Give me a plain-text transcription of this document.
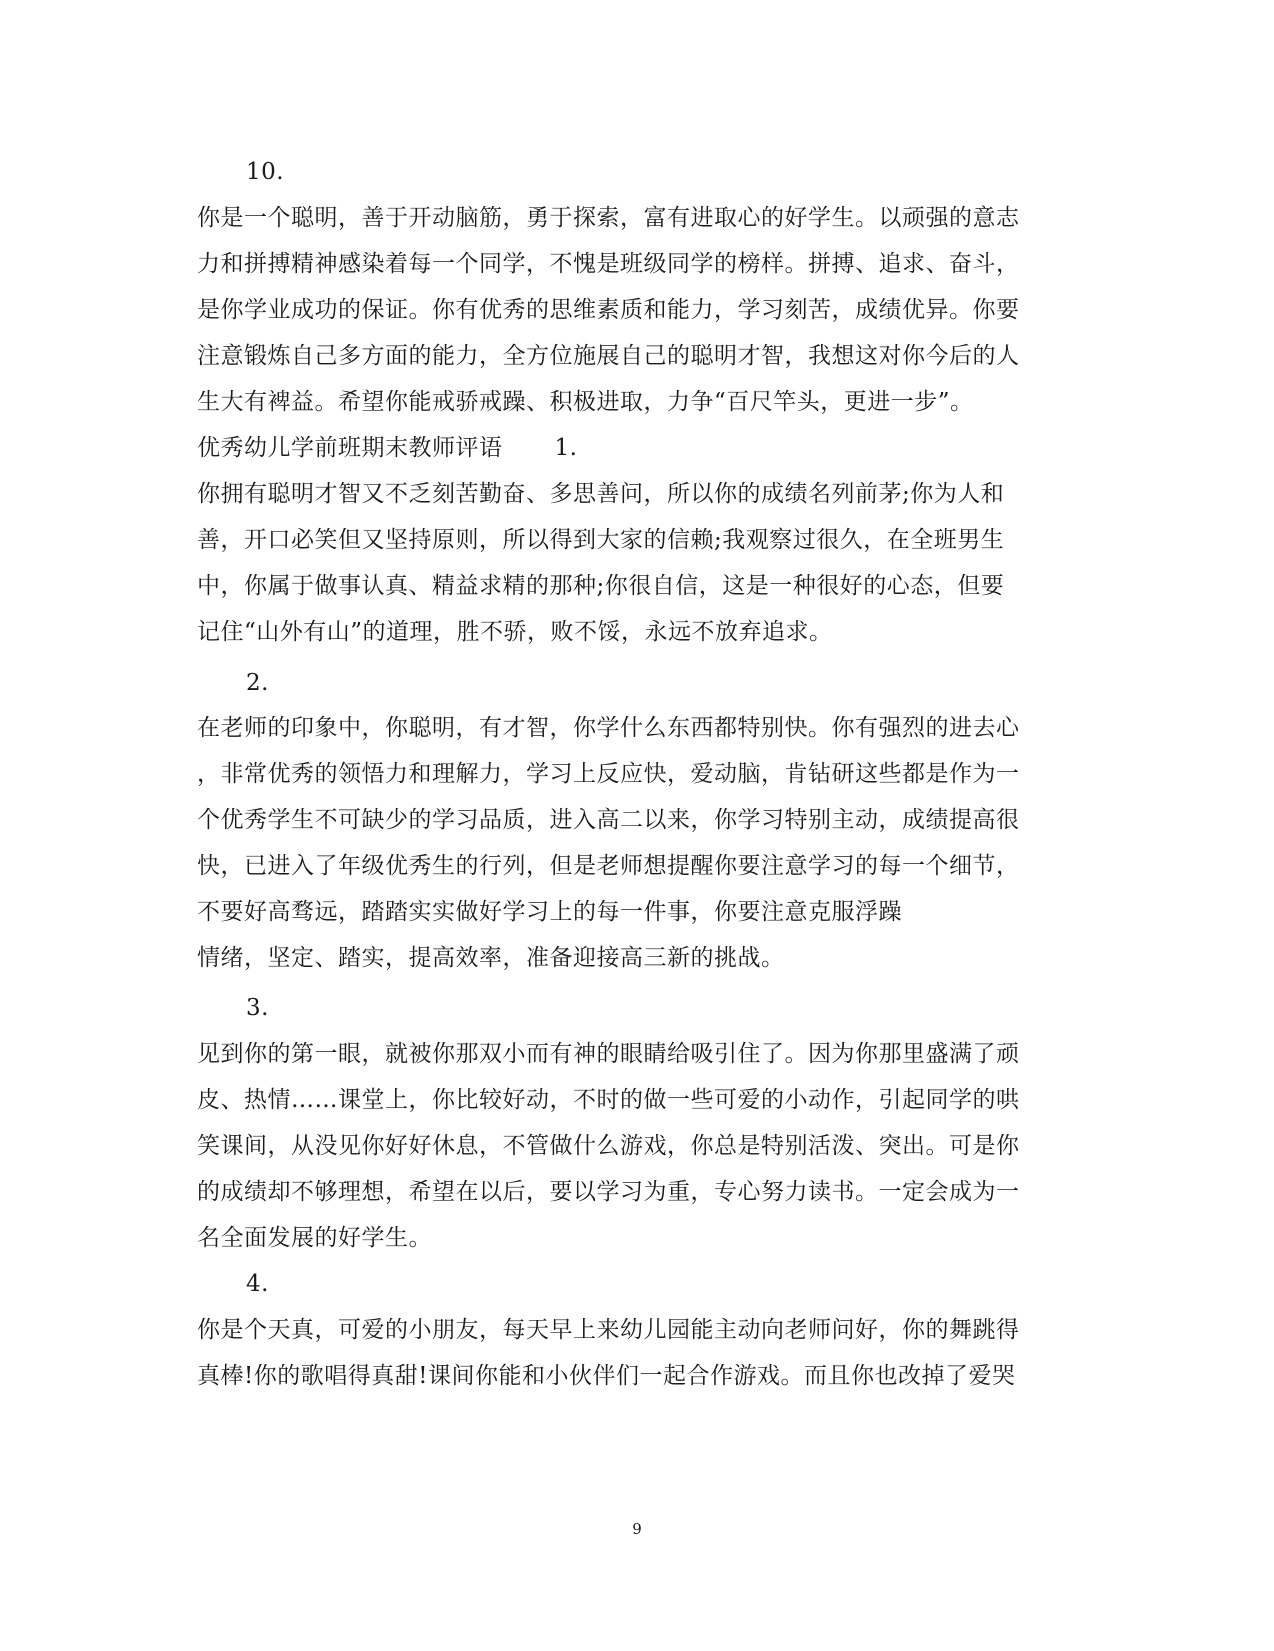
10.
你是一个聪明，善于开动脑筋，勇于探索，富有进取心的好学生。以顽强的意志
力和拼搏精神感染着每一个同学，不愧是班级同学的榜样。拼搏、追求、奋斗，
是你学业成功的保证。你有优秀的思维素质和能力，学习刻苦，成绩优异。你要
注意锻炼自己多方面的能力，全方位施展自己的聪明才智，我想这对你今后的人
生大有裨益。希望你能戒骄戒躁、积极进取，力争“百尺竿头，更进一步”。
优秀幼儿学前班期末教师评语 1.
你拥有聪明才智又不乏刻苦勤奋、多思善问，所以你的成绩名列前茅;你为人和
善，开口必笑但又坚持原则，所以得到大家的信赖;我观察过很久，在全班男生
中，你属于做事认真、精益求精的那种;你很自信，这是一种很好的心态，但要
记住“山外有山”的道理，胜不骄，败不馁，永远不放弃追求。
2.
在老师的印象中，你聪明，有才智，你学什么东西都特别快。你有强烈的进去心
，非常优秀的领悟力和理解力，学习上反应快，爱动脑，肯钻研这些都是作为一
个优秀学生不可缺少的学习品质，进入高二以来，你学习特别主动，成绩提高很
快，已进入了年级优秀生的行列，但是老师想提醒你要注意学习的每一个细节，
不要好高骛远，踏踏实实做好学习上的每一件事，你要注意克服浮躁
情绪，坚定、踏实，提高效率，准备迎接高三新的挑战。
3.
见到你的第一眼，就被你那双小而有神的眼睛给吸引住了。因为你那里盛满了顽
皮、热情……课堂上，你比较好动，不时的做一些可爱的小动作，引起同学的哄
笑课间，从没见你好好休息，不管做什么游戏，你总是特别活泼、突出。可是你
的成绩却不够理想，希望在以后，要以学习为重，专心努力读书。一定会成为一
名全面发展的好学生。
4.
你是个天真，可爱的小朋友，每天早上来幼儿园能主动向老师问好，你的舞跳得
真棒!你的歌唱得真甜!课间你能和小伙伴们一起合作游戏。而且你也改掉了爱哭
9
